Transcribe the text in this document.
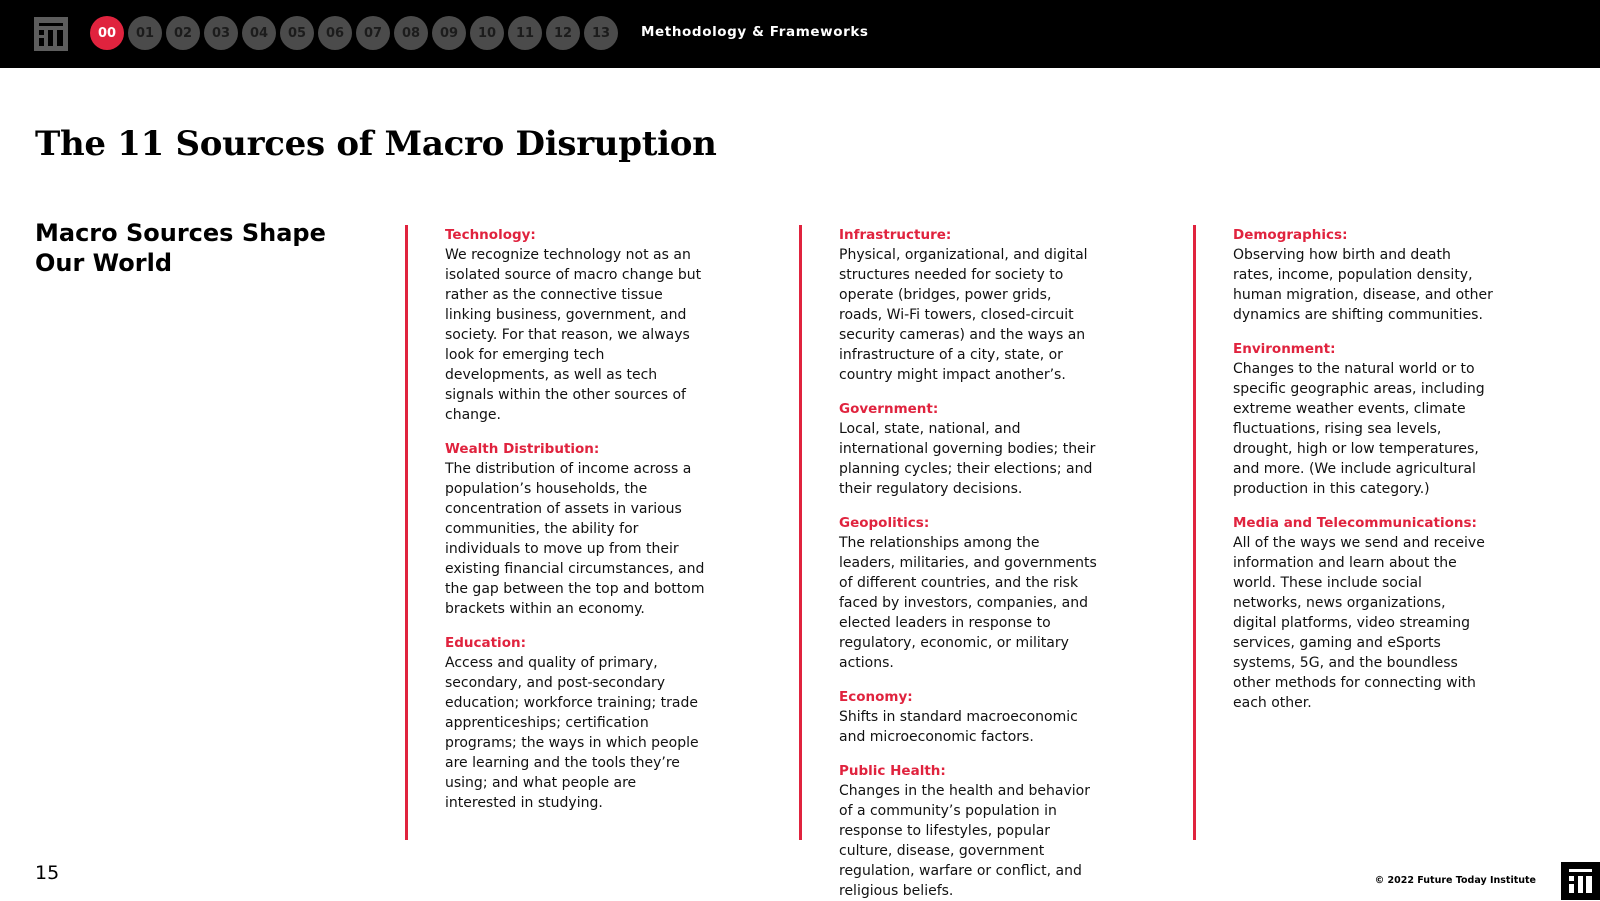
00	01	02	03	04	05	06	07	08	09	10	11	12	13	Methodology & Frameworks
The 11 Sources of Macro Disruption
Macro Sources Shape Our World
Technology:
We recognize technology not as an isolated source of macro change but rather as the connective tissue linking business, government, and society. For that reason, we always look for emerging tech developments, as well as tech signals within the other sources of change.
Wealth Distribution:
The distribution of income across a population’s households, the concentration of assets in various communities, the ability for individuals to move up from their existing financial circumstances, and the gap between the top and bottom brackets within an economy.
Education:
Access and quality of primary, secondary, and post-secondary education; workforce training; trade apprenticeships; certification programs; the ways in which people are learning and the tools they’re using; and what people are interested in studying.
Infrastructure:
Physical, organizational, and digital structures needed for society to operate (bridges, power grids, roads, Wi-Fi towers, closed-circuit security cameras) and the ways an infrastructure of a city, state, or country might impact another’s.
Government:
Local, state, national, and international governing bodies; their planning cycles; their elections; and their regulatory decisions.
Geopolitics:
The relationships among the leaders, militaries, and governments of different countries, and the risk faced by investors, companies, and elected leaders in response to regulatory, economic, or military actions.
Economy:
Shifts in standard macroeconomic and microeconomic factors.
Public Health:
Changes in the health and behavior of a community’s population in response to lifestyles, popular culture, disease, government regulation, warfare or conflict, and religious beliefs.
Demographics:
Observing how birth and death rates, income, population density, human migration, disease, and other dynamics are shifting communities.
Environment:
Changes to the natural world or to specific geographic areas, including extreme weather events, climate fluctuations, rising sea levels, drought, high or low temperatures, and more. (We include agricultural production in this category.)
Media and Telecommunications:
All of the ways we send and receive information and learn about the world. These include social networks, news organizations, digital platforms, video streaming services, gaming and eSports systems, 5G, and the boundless other methods for connecting with each other.
15	© 2022 Future Today Institute
